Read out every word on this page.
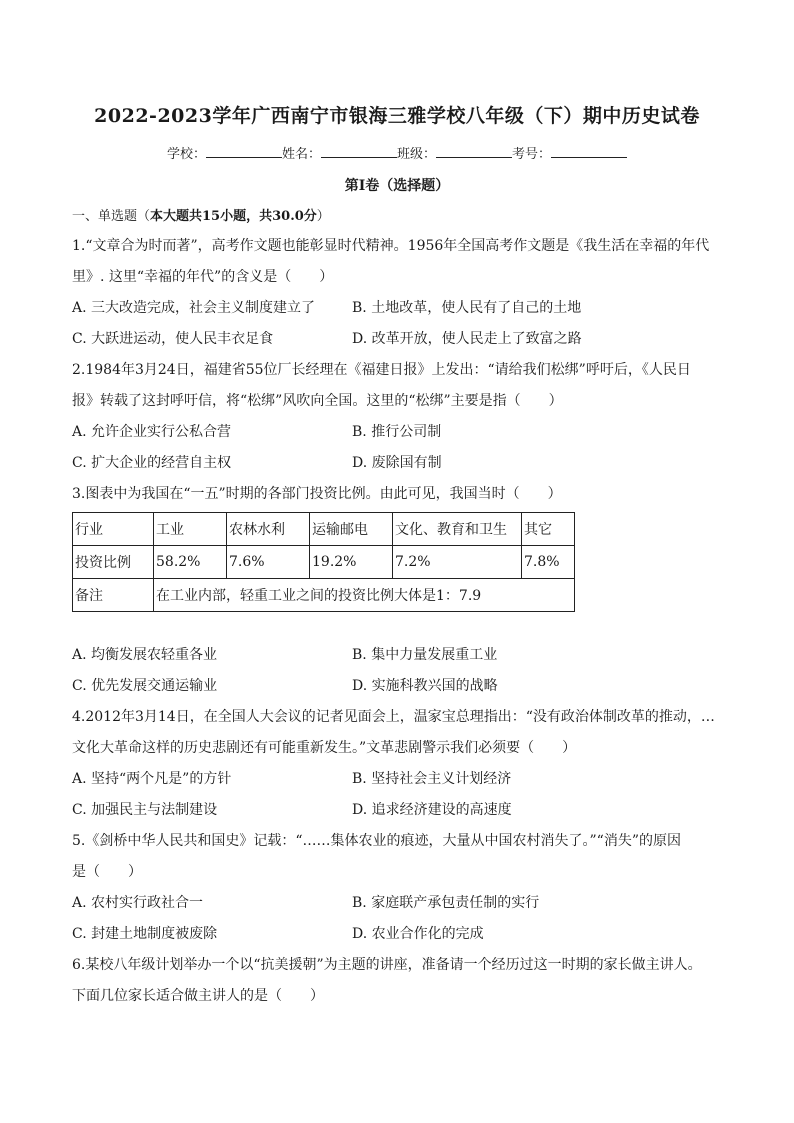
2022-2023学年广西南宁市银海三雅学校八年级（下）期中历史试卷
学校：	姓名：	班级：	考号：
第I卷（选择题）
一、单选题（本大题共15小题，共30.0分）

1.“文章合为时而著”，高考作文题也能彰显时代精神。1956年全国高考作文题是《我生活在幸福的年代

里》. 这里“幸福的年代”的含义是（　　）

A. 三大改造完成，社会主义制度建立了	B. 土地改革，使人民有了自己的土地
C. 大跃进运动，使人民丰衣足食	D. 改革开放，使人民走上了致富之路

2.1984年3月24日，福建省55位厂长经理在《福建日报》上发出：“请给我们松绑”呼吁后，《人民日

报》转载了这封呼吁信，将“松绑”风吹向全国。这里的“松绑”主要是指（　　）

A. 允许企业实行公私合营	B. 推行公司制
C. 扩大企业的经营自主权	D. 废除国有制

3.图表中为我国在“一五”时期的各部门投资比例。由此可见，我国当时（　　）

行业	工业	农林水利	运输邮电	文化、教育和卫生	其它
投资比例	58.2%	7.6%	19.2%	7.2%	7.8%
备注	在工业内部，轻重工业之间的投资比例大体是1：7.9				
A. 均衡发展农轻重各业	B. 集中力量发展重工业
C. 优先发展交通运输业	D. 实施科教兴国的战略

4.2012年3月14日，在全国人大会议的记者见面会上，温家宝总理指出：“没有政治体制改革的推动，…

文化大革命这样的历史悲剧还有可能重新发生。”文革悲剧警示我们必须要（　　）

A. 坚持“两个凡是”的方针	B. 坚持社会主义计划经济
C. 加强民主与法制建设	D. 追求经济建设的高速度

5.《剑桥中华人民共和国史》记载：“……集体农业的痕迹，大量从中国农村消失了。”“消失”的原因

是（　　）

A. 农村实行政社合一	B. 家庭联产承包责任制的实行
C. 封建土地制度被废除	D. 农业合作化的完成

6.某校八年级计划举办一个以“抗美援朝”为主题的讲座，准备请一个经历过这一时期的家长做主讲人。

下面几位家长适合做主讲人的是（　　）
